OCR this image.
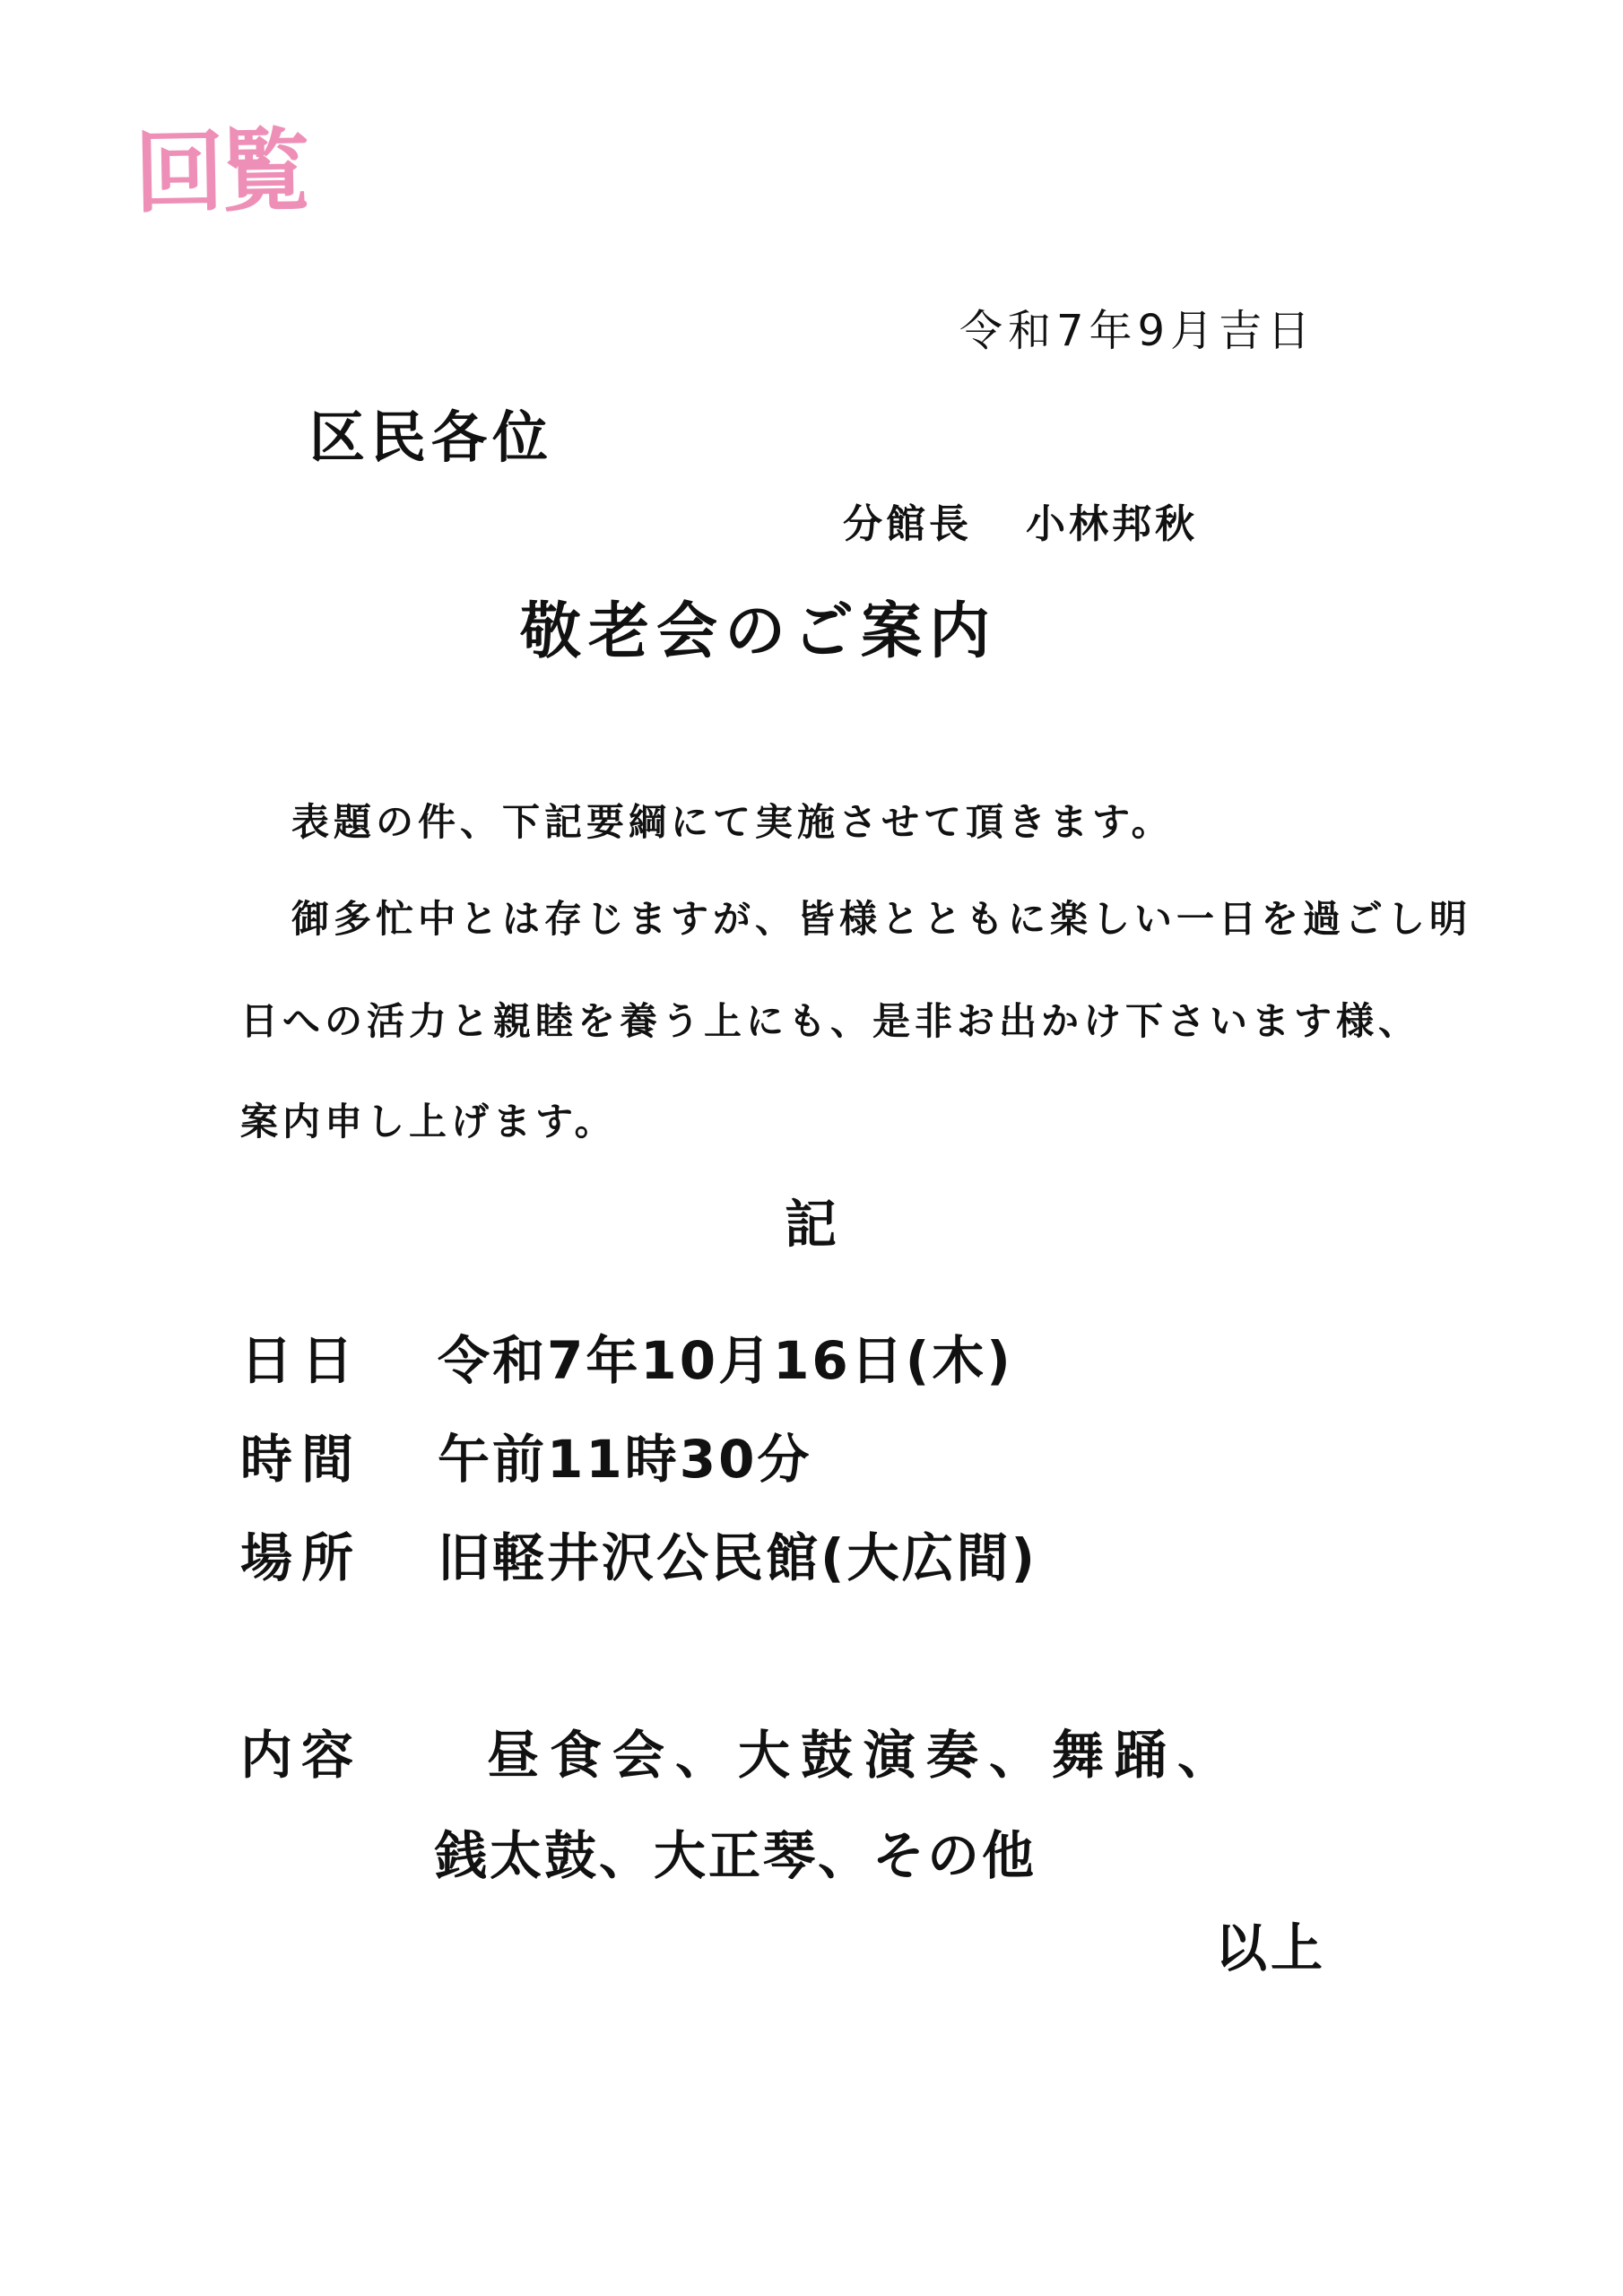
回覧
令和7年9月吉日
区民各位
分館長 小林邦秋
敬老会のご案内
表題の件、下記要綱にて実施させて頂きます。
御多忙中とは存じますが、皆様とともに楽しい一日を過ごし明
日への活力と親睦を養う上にも、是非お出かけ下さいます様、
案内申し上げます。
記
日日 令和7年10月16日(木)
時間 午前11時30分
場所 旧軽井沢公民館(大広間)
内容 昼食会、大鼓演奏、舞踊、
銭太鼓、大正琴、その他
以上
